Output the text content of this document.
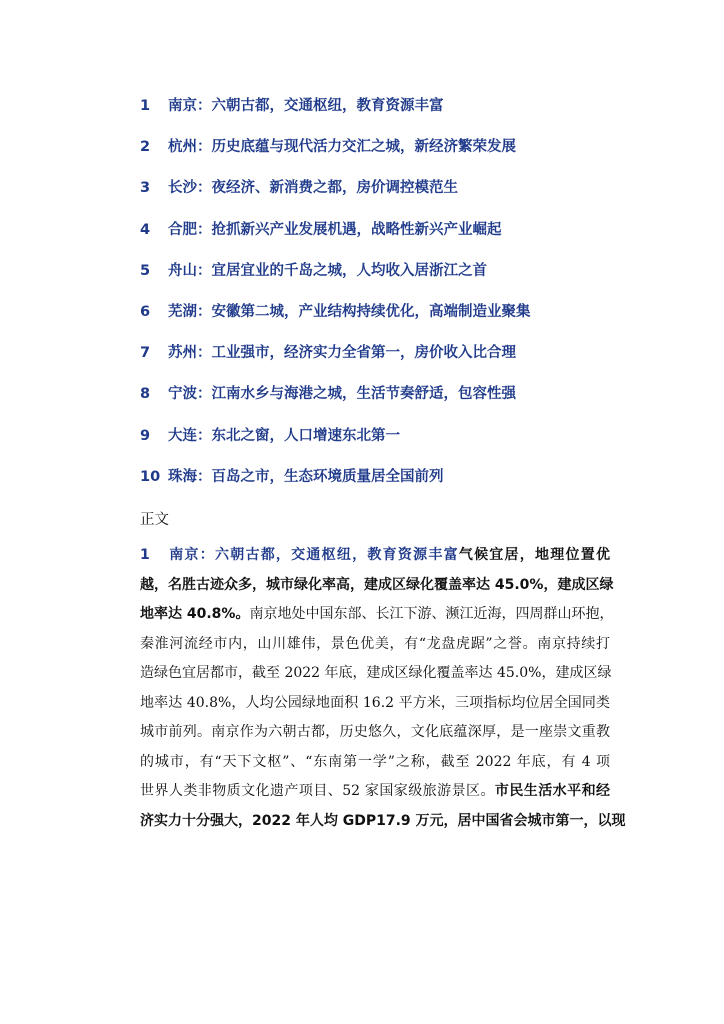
1 南京：六朝古都，交通枢纽，教育资源丰富
2 杭州：历史底蕴与现代活力交汇之城，新经济繁荣发展
3 长沙：夜经济、新消费之都，房价调控模范生
4 合肥：抢抓新兴产业发展机遇，战略性新兴产业崛起
5 舟山：宜居宜业的千岛之城，人均收入居浙江之首
6 芜湖：安徽第二城，产业结构持续优化，高端制造业聚集
7 苏州：工业强市，经济实力全省第一，房价收入比合理
8 宁波：江南水乡与海港之城，生活节奏舒适，包容性强
9 大连：东北之窗，人口增速东北第一
10 珠海：百岛之市，生态环境质量居全国前列
正文
1 南京：六朝古都，交通枢纽，教育资源丰富气候宜居，地理位置优
越，名胜古迹众多，城市绿化率高，建成区绿化覆盖率达 45.0%，建成区绿
地率达 40.8%。南京地处中国东部、长江下游、濒江近海，四周群山环抱，
秦淮河流经市内，山川雄伟，景色优美，有“龙盘虎踞”之誉。南京持续打
造绿色宜居都市，截至 2022 年底，建成区绿化覆盖率达 45.0%，建成区绿
地率达 40.8%，人均公园绿地面积 16.2 平方米，三项指标均位居全国同类
城市前列。南京作为六朝古都，历史悠久，文化底蕴深厚，是一座崇文重教
的城市，有“天下文枢”、“东南第一学”之称，截至 2022 年底，有 4 项
世界人类非物质文化遗产项目、52 家国家级旅游景区。市民生活水平和经
济实力十分强大，2022 年人均 GDP17.9 万元，居中国省会城市第一，以现
